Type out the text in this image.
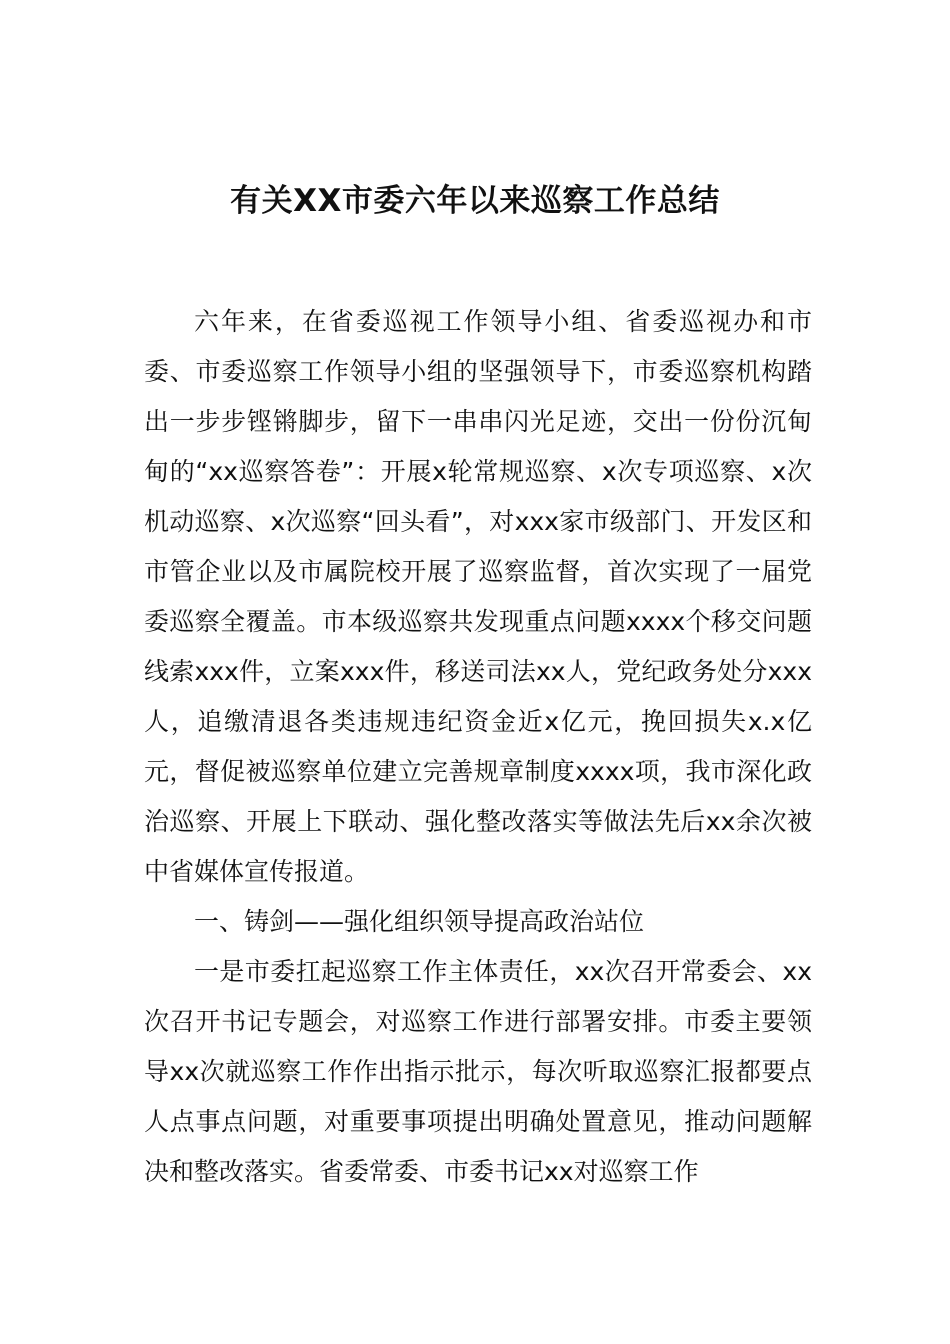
有关XX市委六年以来巡察工作总结

六年来，在省委巡视工作领导小组、省委巡视办和市委、市委巡察工作领导小组的坚强领导下，市委巡察机构踏出一步步铿锵脚步，留下一串串闪光足迹，交出一份份沉甸甸的“xx巡察答卷”：开展x轮常规巡察、x次专项巡察、x次机动巡察、x次巡察“回头看”，对xxx家市级部门、开发区和市管企业以及市属院校开展了巡察监督，首次实现了一届党委巡察全覆盖。市本级巡察共发现重点问题xxxx个移交问题线索xxx件，立案xxx件，移送司法xx人，党纪政务处分xxx人，追缴清退各类违规违纪资金近x亿元，挽回损失x.x亿元，督促被巡察单位建立完善规章制度xxxx项，我市深化政治巡察、开展上下联动、强化整改落实等做法先后xx余次被中省媒体宣传报道。

一、铸剑——强化组织领导提高政治站位

一是市委扛起巡察工作主体责任，xx次召开常委会、xx次召开书记专题会，对巡察工作进行部署安排。市委主要领导xx次就巡察工作作出指示批示，每次听取巡察汇报都要点人点事点问题，对重要事项提出明确处置意见，推动问题解决和整改落实。省委常委、市委书记xx对巡察工作
